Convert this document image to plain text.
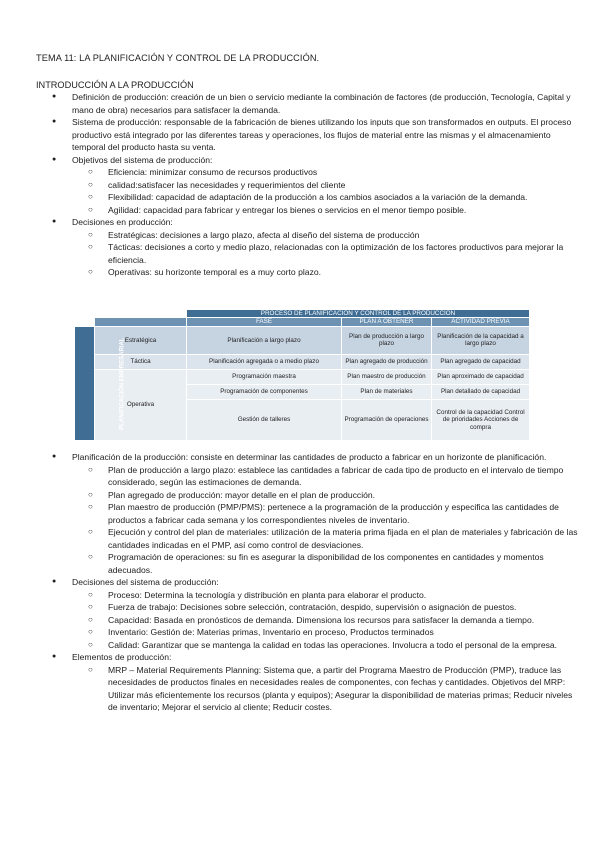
TEMA 11: LA PLANIFICACIÓN Y CONTROL DE LA PRODUCCIÓN.
INTRODUCCIÓN A LA PRODUCCIÓN

● Definición de producción: creación de un bien o servicio mediante la combinación de factores (de producción, Tecnología, Capital y mano de obra) necesarios para satisfacer la demanda.

● Sistema de producción: responsable de la fabricación de bienes utilizando los inputs que son transformados en outputs. El proceso productivo está integrado por las diferentes tareas y operaciones, los flujos de material entre las mismas y el almacenamiento temporal del producto hasta su venta.

● Objetivos del sistema de producción:

○ Eficiencia: minimizar consumo de recursos productivos
○ calidad:satisfacer las necesidades y requerimientos del cliente
○ Flexibilidad: capacidad de adaptación de la producción a los cambios asociados a la variación de la demanda.
○ Agilidad: capacidad para fabricar y entregar los bienes o servicios en el menor tiempo posible.

● Decisiones en producción:

○ Estratégicas: decisiones a largo plazo, afecta al diseño del sistema de producción
○ Tácticas: decisiones a corto y medio plazo, relacionadas con la optimización de los factores productivos para mejorar la eficiencia.
○ Operativas: su horizonte temporal es a muy corto plazo.
		PROCESO DE PLANIFICACIÓN Y CONTROL DE LA PRODUCCIÓN		
		FASE	PLAN A OBTENER	ACTIVIDAD PREVIA
PLANIFICACIÓN EMPRESARIAL	Estratégica	Planificación a largo plazo	Plan de producción a largo plazo	Planificación de la capacidad a largo plazo
	Táctica	Planificación agregada o a medio plazo	Plan agregado de producción	Plan agregado de capacidad
	Operativa	Programación maestra	Plan maestro de producción	Plan aproximado de capacidad
		Programación de componentes	Plan de materiales	Plan detallado de capacidad
		Gestión de talleres	Programación de operaciones	Control de la capacidad Control de prioridades Acciones de compra

● Planificación de la producción: consiste en determinar las cantidades de producto a fabricar en un horizonte de planificación.

○ Plan de producción a largo plazo: establece las cantidades a fabricar de cada tipo de producto en el intervalo de tiempo considerado, según las estimaciones de demanda.
○ Plan agregado de producción: mayor detalle en el plan de producción.
○ Plan maestro de producción (PMP/PMS): pertenece a la programación de la producción y especifica las cantidades de productos a fabricar cada semana y los correspondientes niveles de inventario.
○ Ejecución y control del plan de materiales: utilización de la materia prima fijada en el plan de materiales y fabricación de las cantidades indicadas en el PMP, así como control de desviaciones.
○ Programación de operaciones: su fin es asegurar la disponibilidad de los componentes en cantidades y momentos adecuados.

● Decisiones del sistema de producción:

○ Proceso: Determina la tecnología y distribución en planta para elaborar el producto.
○ Fuerza de trabajo: Decisiones sobre selección, contratación, despido, supervisión o asignación de puestos.
○ Capacidad: Basada en pronósticos de demanda. Dimensiona los recursos para satisfacer la demanda a tiempo.
○ Inventario: Gestión de: Materias primas, Inventario en proceso, Productos terminados
○ Calidad: Garantizar que se mantenga la calidad en todas las operaciones. Involucra a todo el personal de la empresa.

● Elementos de producción:

○ MRP – Material Requirements Planning: Sistema que, a partir del Programa Maestro de Producción (PMP), traduce las necesidades de productos finales en necesidades reales de componentes, con fechas y cantidades. Objetivos del MRP: Utilizar más eficientemente los recursos (planta y equipos); Asegurar la disponibilidad de materias primas; Reducir niveles de inventario; Mejorar el servicio al cliente; Reducir costes.
